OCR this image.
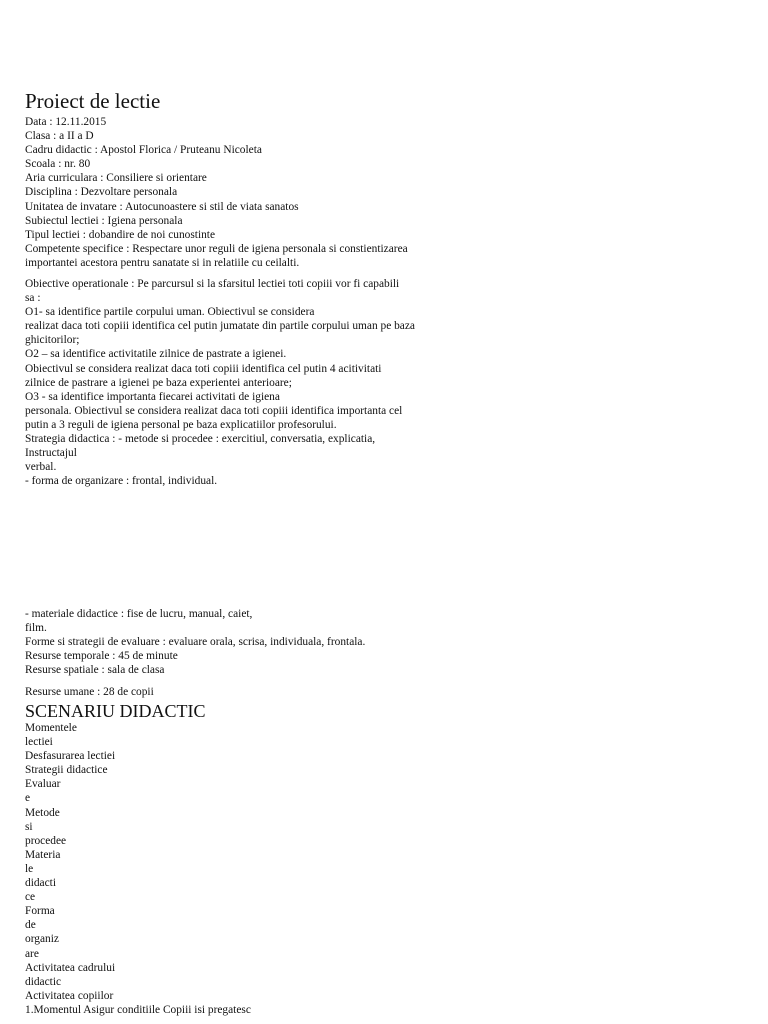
Proiect de lectie
Data : 12.11.2015
Clasa : a II a D
Cadru didactic : Apostol Florica / Pruteanu Nicoleta
Scoala : nr. 80
Aria curriculara : Consiliere si orientare
Disciplina : Dezvoltare personala
Unitatea de invatare : Autocunoastere si stil de viata sanatos
Subiectul lectiei : Igiena personala
Tipul lectiei : dobandire de noi cunostinte
Competente specifice : Respectare unor reguli de igiena personala si constientizarea
importantei acestora pentru sanatate si in relatiile cu ceilalti.
Obiective operationale : Pe parcursul si la sfarsitul lectiei toti copiii vor fi capabili
sa :
O1- sa identifice partile corpului uman. Obiectivul se considera
realizat daca toti copiii identifica cel putin jumatate din partile corpului uman pe baza
ghicitorilor;
O2 – sa identifice activitatile zilnice de pastrate a igienei.
Obiectivul se considera realizat daca toti copiii identifica cel putin 4 acitivitati
zilnice de pastrare a igienei pe baza experientei anterioare;
O3 - sa identifice importanta fiecarei activitati de igiena
personala. Obiectivul se considera realizat daca toti copiii identifica importanta cel
putin a 3 reguli de igiena personal pe baza explicatiilor profesorului.
Strategia didactica : - metode si procedee : exercitiul, conversatia, explicatia,
Instructajul
verbal.
- forma de organizare : frontal, individual.
- materiale didactice : fise de lucru, manual, caiet,
film.
Forme si strategii de evaluare : evaluare orala, scrisa, individuala, frontala.
Resurse temporale : 45 de minute
Resurse spatiale : sala de clasa
Resurse umane : 28 de copii
SCENARIU DIDACTIC
Momentele
lectiei
Desfasurarea lectiei
Strategii didactice
Evaluar
e
Metode
si
procedee
Materia
le
didacti
ce
Forma
de
organiz
are
Activitatea cadrului
didactic
Activitatea copiilor
1.Momentul Asigur conditiile Copiii isi pregatesc
